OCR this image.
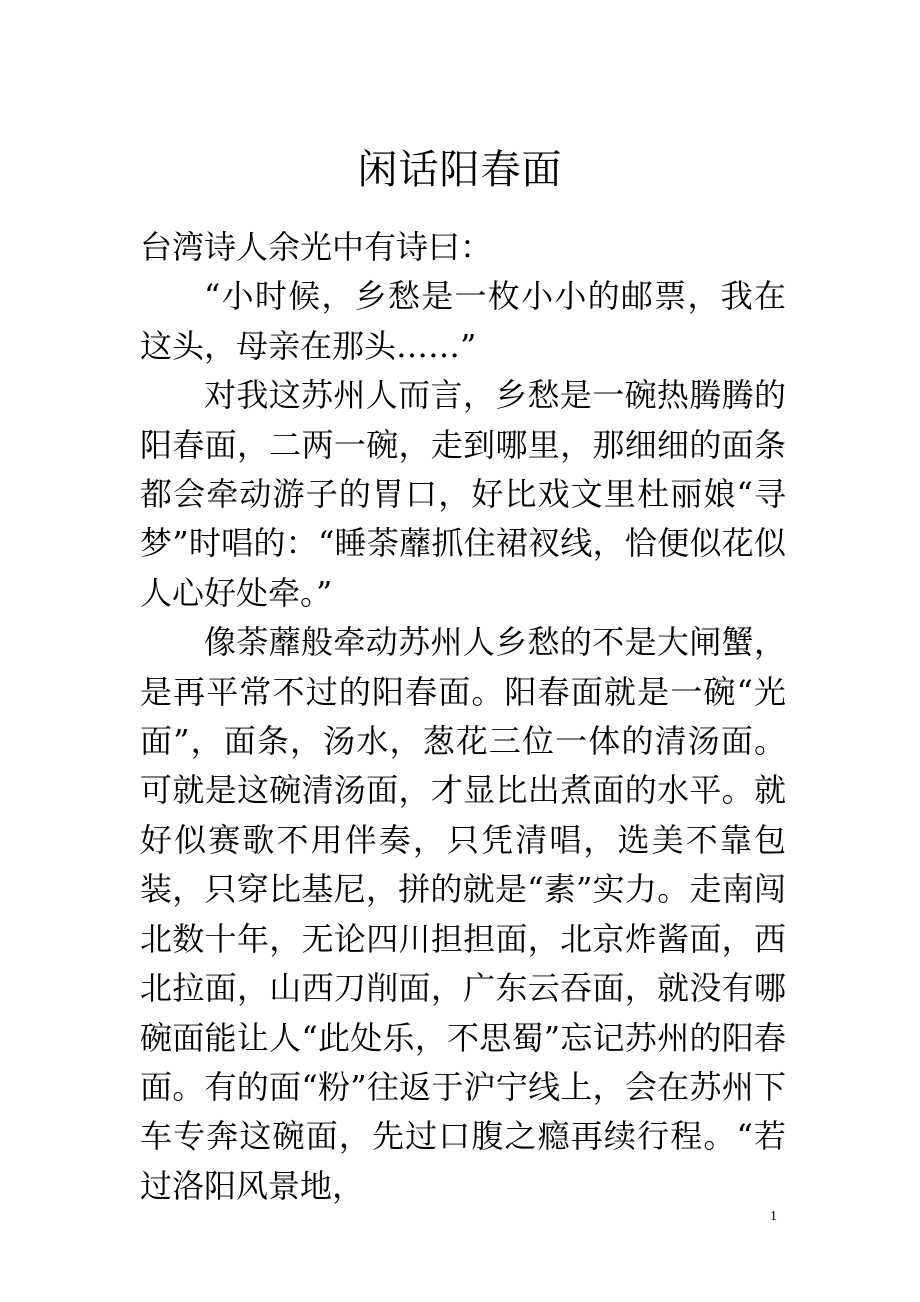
闲话阳春面

台湾诗人余光中有诗曰：

“小时候，乡愁是一枚小小的邮票，我在这头，母亲在那头……”

对我这苏州人而言，乡愁是一碗热腾腾的阳春面，二两一碗，走到哪里，那细细的面条都会牵动游子的胃口，好比戏文里杜丽娘“寻梦”时唱的：“睡荼蘼抓住裙衩线，恰便似花似人心好处牵。”

像荼蘼般牵动苏州人乡愁的不是大闸蟹，是再平常不过的阳春面。阳春面就是一碗“光面”，面条，汤水，葱花三位一体的清汤面。可就是这碗清汤面，才显比出煮面的水平。就好似赛歌不用伴奏，只凭清唱，选美不靠包装，只穿比基尼，拼的就是“素”实力。走南闯北数十年，无论四川担担面，北京炸酱面，西北拉面，山西刀削面，广东云吞面，就没有哪碗面能让人“此处乐，不思蜀”忘记苏州的阳春面。有的面“粉”往返于沪宁线上，会在苏州下车专奔这碗面，先过口腹之瘾再续行程。“若过洛阳风景地，

1
